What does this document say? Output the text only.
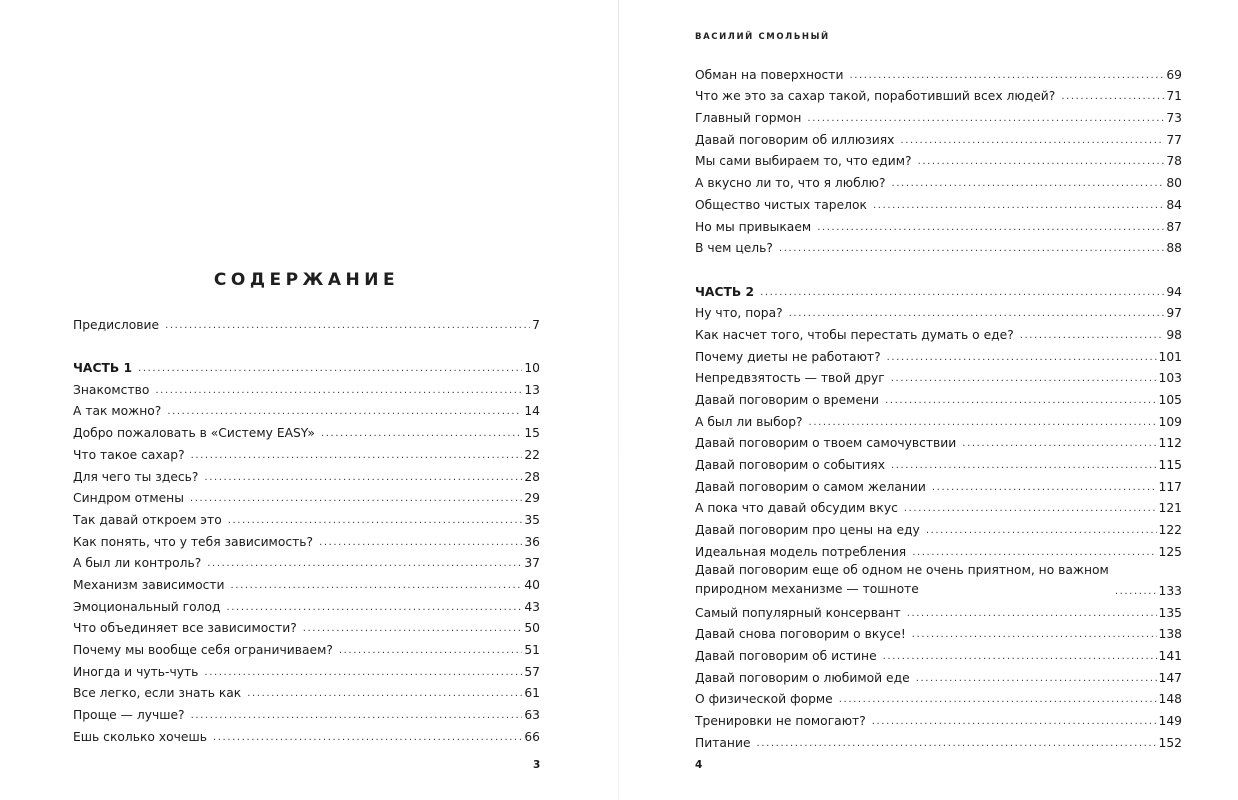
СОДЕРЖАНИЕ
Предисловие .....	7
ЧАСТЬ 1 .....	10
Знакомство .....	13
А так можно? .....	14
Добро пожаловать в «Систему EASY» .....	15
Что такое сахар? .....	22
Для чего ты здесь? .....	28
Синдром отмены .....	29
Так давай откроем это .....	35
Как понять, что у тебя зависимость? .....	36
А был ли контроль? .....	37
Механизм зависимости .....	40
Эмоциональный голод .....	43
Что объединяет все зависимости? .....	50
Почему мы вообще себя ограничиваем? .....	51
Иногда и чуть-чуть .....	57
Все легко, если знать как .....	61
Проще — лучше? .....	63
Ешь сколько хочешь .....	66
3
ВАСИЛИЙ СМОЛЬНЫЙ
Обман на поверхности .....	69
Что же это за сахар такой, поработивший всех людей? .....	71
Главный гормон .....	73
Давай поговорим об иллюзиях .....	77
Мы сами выбираем то, что едим? .....	78
А вкусно ли то, что я люблю? .....	80
Общество чистых тарелок .....	84
Но мы привыкаем .....	87
В чем цель? .....	88
ЧАСТЬ 2 .....	94
Ну что, пора? .....	97
Как насчет того, чтобы перестать думать о еде? .....	98
Почему диеты не работают? .....	101
Непредвзятость — твой друг .....	103
Давай поговорим о времени .....	105
А был ли выбор? .....	109
Давай поговорим о твоем самочувствии .....	112
Давай поговорим о событиях .....	115
Давай поговорим о самом желании .....	117
А пока что давай обсудим вкус .....	121
Давай поговорим про цены на еду .....	122
Идеальная модель потребления .....	125
Давай поговорим еще об одном не очень приятном, но важном
природном механизме — тошноте .....	133
Самый популярный консервант .....	135
Давай снова поговорим о вкусе! .....	138
Давай поговорим об истине .....	141
Давай поговорим о любимой еде .....	147
О физической форме .....	148
Тренировки не помогают? .....	149
Питание .....	152
4
